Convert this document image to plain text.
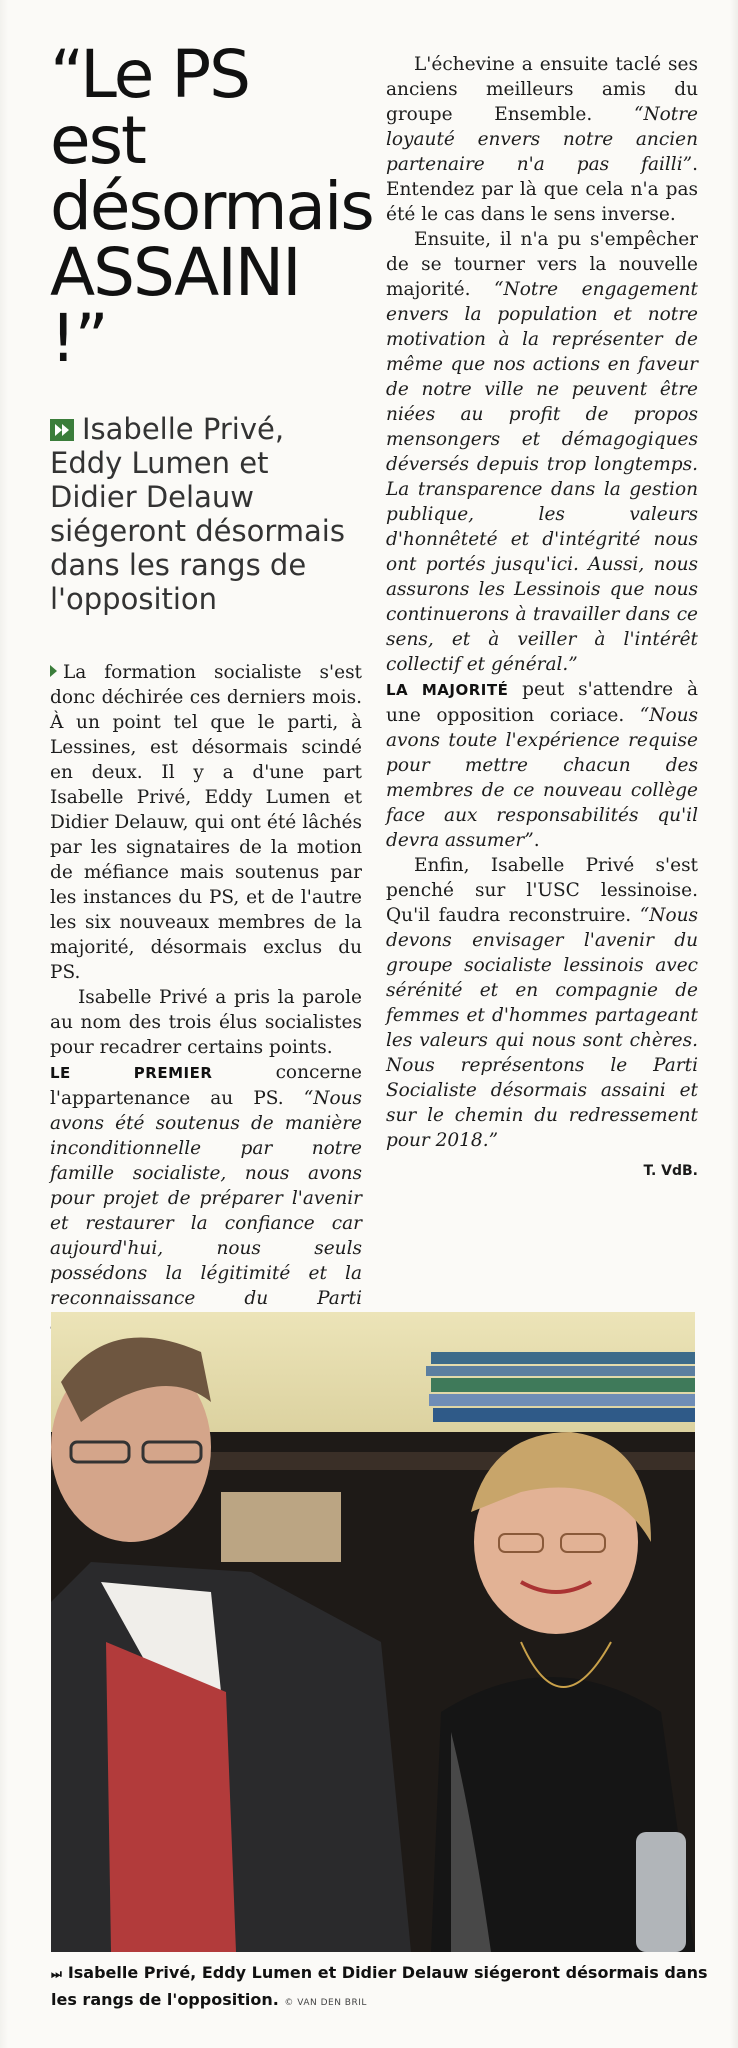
“Le PS est
désormais
ASSAINI !”
Isabelle Privé, Eddy Lumen et Didier Delauw siégeront désormais dans les rangs de l'opposition

La formation socialiste s'est donc déchirée ces derniers mois. À un point tel que le parti, à Lessines, est désormais scindé en deux. Il y a d'une part Isabelle Privé, Eddy Lumen et Didier Delauw, qui ont été lâchés par les signataires de la motion de méfiance mais soutenus par les instances du PS, et de l'autre les six nouveaux membres de la majorité, désormais exclus du PS.

Isabelle Privé a pris la parole au nom des trois élus socialistes pour recadrer certains points.

LE PREMIER concerne l'appartenance au PS. “Nous avons été soutenus de manière inconditionnelle par notre famille socialiste, nous avons pour projet de préparer l'avenir et restaurer la confiance car aujourd'hui, nous seuls possédons la légitimité et la reconnaissance du Parti

L'échevine a ensuite taclé ses anciens meilleurs amis du groupe Ensemble. “Notre loyauté envers notre ancien partenaire n'a pas failli”. Entendez par là que cela n'a pas été le cas dans le sens inverse.

Ensuite, il n'a pu s'empêcher de se tourner vers la nouvelle majorité. “Notre engagement envers la population et notre motivation à la représenter de même que nos actions en faveur de notre ville ne peuvent être niées au profit de propos mensongers et démagogiques déversés depuis trop longtemps. La transparence dans la gestion publique, les valeurs d'honnêteté et d'intégrité nous ont portés jusqu'ici. Aussi, nous assurons les Lessinois que nous continuerons à travailler dans ce sens, et à veiller à l'intérêt collectif et général.”

LA MAJORITÉ peut s'attendre à une opposition coriace. “Nous avons toute l'expérience requise pour mettre chacun des membres de ce nouveau collège face aux responsabilités qu'il devra assumer”.

Enfin, Isabelle Privé s'est penché sur l'USC lessinoise. Qu'il faudra reconstruire. “Nous devons envisager l'avenir du groupe socialiste lessinois avec sérénité et en compagnie de femmes et d'hommes partageant les valeurs qui nous sont chères. Nous représentons le Parti Socialiste désormais assaini et sur le chemin du redressement pour 2018.”

T. VdB.
⏭ Isabelle Privé, Eddy Lumen et Didier Delauw siégeront désormais dans les rangs de l'opposition. © VAN DEN BRIL
